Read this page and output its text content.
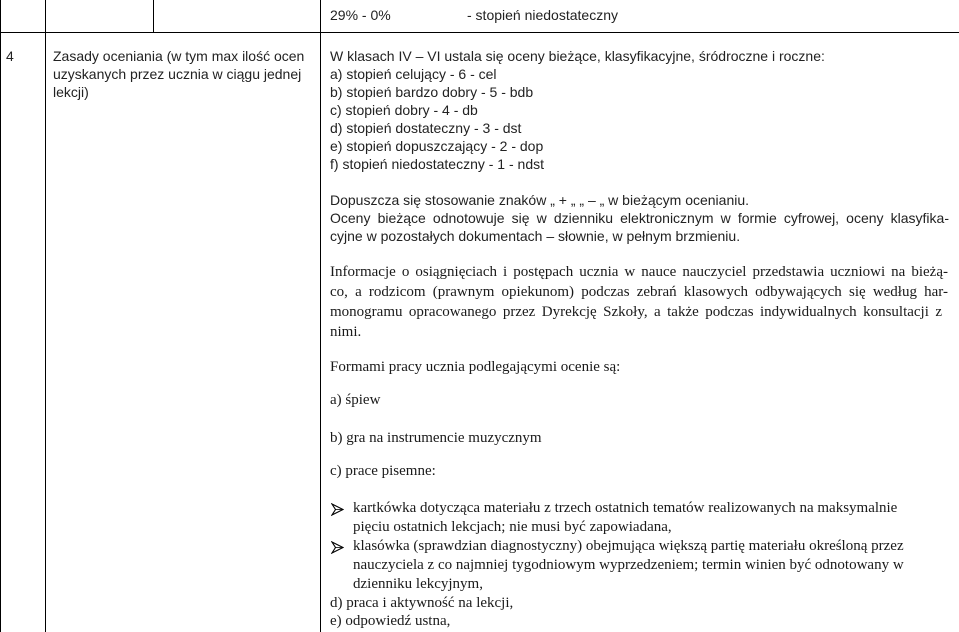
29% - 0%	- stopień niedostateczny
4	Zasady oceniania (w tym max ilość ocen
uzyskanych przez ucznia w ciągu jednej
lekcji)
W klasach IV – VI ustala się oceny bieżące, klasyfikacyjne, śródroczne i roczne:
a) stopień celujący - 6 - cel
b) stopień bardzo dobry - 5 - bdb
c) stopień dobry - 4 - db
d) stopień dostateczny - 3 - dst
e) stopień dopuszczający - 2 - dop
f) stopień niedostateczny - 1 - ndst
Dopuszcza się stosowanie znaków „ + „ „ – „ w bieżącym ocenianiu.
Oceny bieżące odnotowuje się w dzienniku elektronicznym w formie cyfrowej, oceny klasyfika-
cyjne w pozostałych dokumentach – słownie, w pełnym brzmieniu.
Informacje o osiągnięciach i postępach ucznia w nauce nauczyciel przedstawia uczniowi na bieżą-
co, a rodzicom (prawnym opiekunom) podczas zebrań klasowych odbywających się według har-
monogramu opracowanego przez Dyrekcję Szkoły, a także podczas indywidualnych konsultacji z
nimi.
Formami pracy ucznia podlegającymi ocenie są:
a) śpiew
b) gra na instrumencie muzycznym
c) prace pisemne:
kartkówka dotycząca materiału z trzech ostatnich tematów realizowanych na maksymalnie
pięciu ostatnich lekcjach; nie musi być zapowiadana,
klasówka (sprawdzian diagnostyczny) obejmująca większą partię materiału określoną przez
nauczyciela z co najmniej tygodniowym wyprzedzeniem; termin winien być odnotowany w
dzienniku lekcyjnym,
d) praca i aktywność na lekcji,
e) odpowiedź ustna,
